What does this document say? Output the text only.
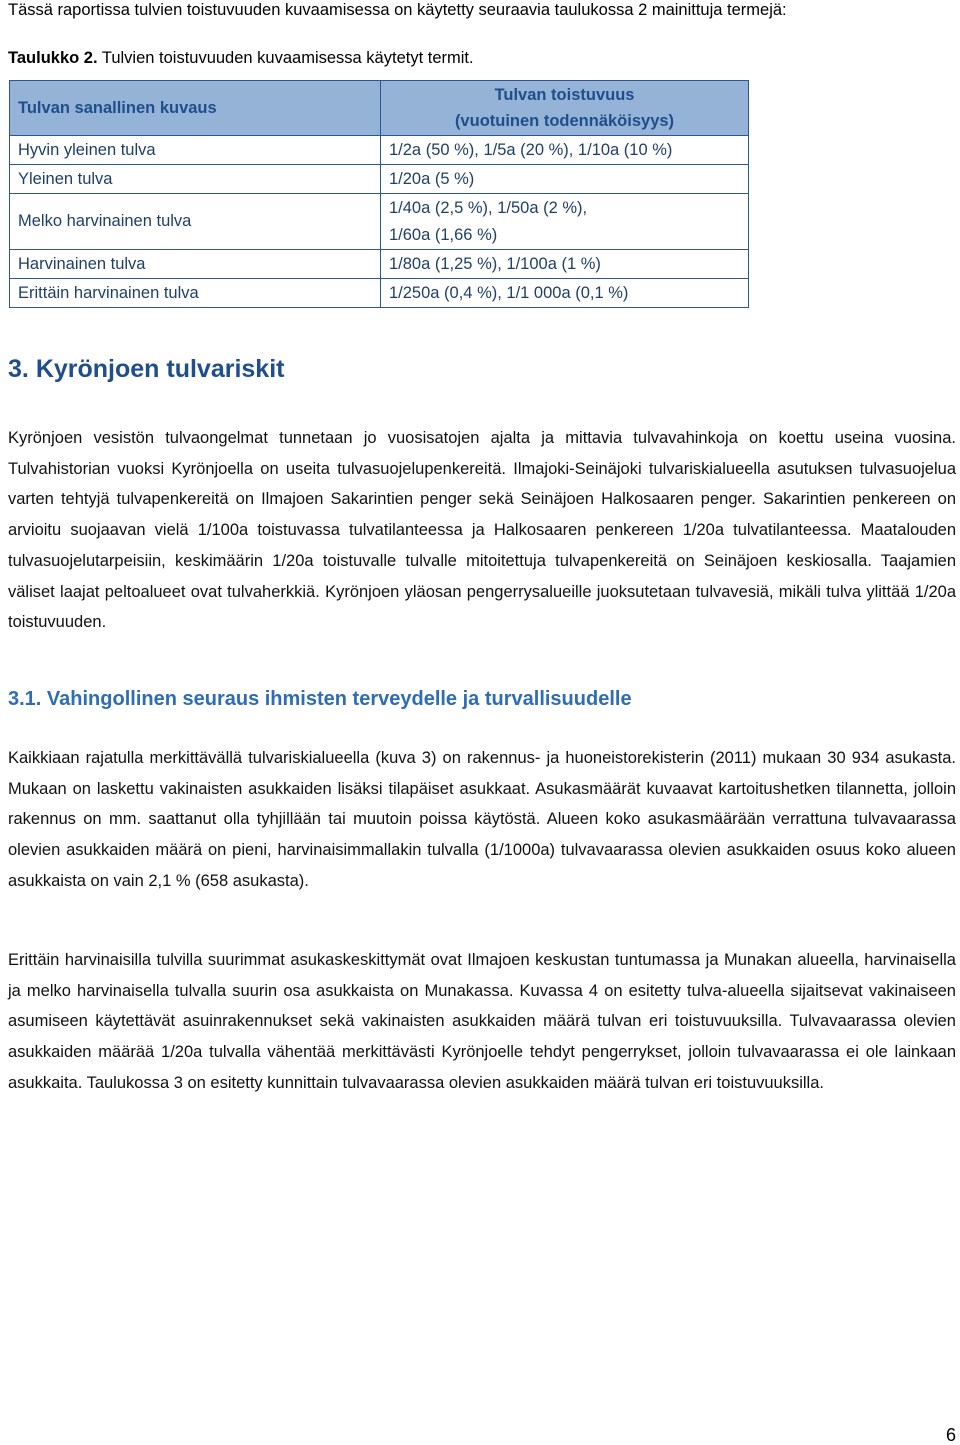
Tässä raportissa tulvien toistuvuuden kuvaamisessa on käytetty seuraavia taulukossa 2 mainittuja termejä:
Taulukko 2. Tulvien toistuvuuden kuvaamisessa käytetyt termit.
Tulvan sanallinen kuvaus	Tulvan toistuvuus
(vuotuinen todennäköisyys)
Hyvin yleinen tulva	1/2a (50 %), 1/5a (20 %), 1/10a (10 %)
Yleinen tulva	1/20a (5 %)
Melko harvinainen tulva	1/40a (2,5 %), 1/50a (2 %),
1/60a (1,66 %)
Harvinainen tulva	1/80a (1,25 %), 1/100a (1 %)
Erittäin harvinainen tulva	1/250a (0,4 %), 1/1 000a (0,1 %)
3. Kyrönjoen tulvariskit

Kyrönjoen vesistön tulvaongelmat tunnetaan jo vuosisatojen ajalta ja mittavia tulvavahinkoja on koettu useina vuosina. Tulvahistorian vuoksi Kyrönjoella on useita tulvasuojelupenkereitä. Ilmajoki-Seinäjoki tulvariskialueella asutuksen tulvasuojelua varten tehtyjä tulvapenkereitä on Ilmajoen Sakarintien penger sekä Seinäjoen Halkosaaren penger. Sakarintien penkereen on arvioitu suojaavan vielä 1/100a toistuvassa tulvatilanteessa ja Halkosaaren penkereen 1/20a tulvatilanteessa. Maatalouden tulvasuojelutarpeisiin, keskimäärin 1/20a toistuvalle tulvalle mitoitettuja tulvapenkereitä on Seinäjoen keskiosalla. Taajamien väliset laajat peltoalueet ovat tulvaherkkiä. Kyrönjoen yläosan pengerrysalueille juoksutetaan tulvavesiä, mikäli tulva ylittää 1/20a toistuvuuden.

3.1. Vahingollinen seuraus ihmisten terveydelle ja turvallisuudelle

Kaikkiaan rajatulla merkittävällä tulvariskialueella (kuva 3) on rakennus- ja huoneistorekisterin (2011) mukaan 30 934 asukasta. Mukaan on laskettu vakinaisten asukkaiden lisäksi tilapäiset asukkaat. Asukasmäärät kuvaavat kartoitushetken tilannetta, jolloin rakennus on mm. saattanut olla tyhjillään tai muutoin poissa käytöstä. Alueen koko asukasmäärään verrattuna tulvavaarassa olevien asukkaiden määrä on pieni, harvinaisimmallakin tulvalla (1/1000a) tulvavaarassa olevien asukkaiden osuus koko alueen asukkaista on vain 2,1 % (658 asukasta).

Erittäin harvinaisilla tulvilla suurimmat asukaskeskittymät ovat Ilmajoen keskustan tuntumassa ja Munakan alueella, harvinaisella ja melko harvinaisella tulvalla suurin osa asukkaista on Munakassa. Kuvassa 4 on esitetty tulva-alueella sijaitsevat vakinaiseen asumiseen käytettävät asuinrakennukset sekä vakinaisten asukkaiden määrä tulvan eri toistuvuuksilla. Tulvavaarassa olevien asukkaiden määrää 1/20a tulvalla vähentää merkittävästi Kyrönjoelle tehdyt pengerrykset, jolloin tulvavaarassa ei ole lainkaan asukkaita. Taulukossa 3 on esitetty kunnittain tulvavaarassa olevien asukkaiden määrä tulvan eri toistuvuuksilla.

6
